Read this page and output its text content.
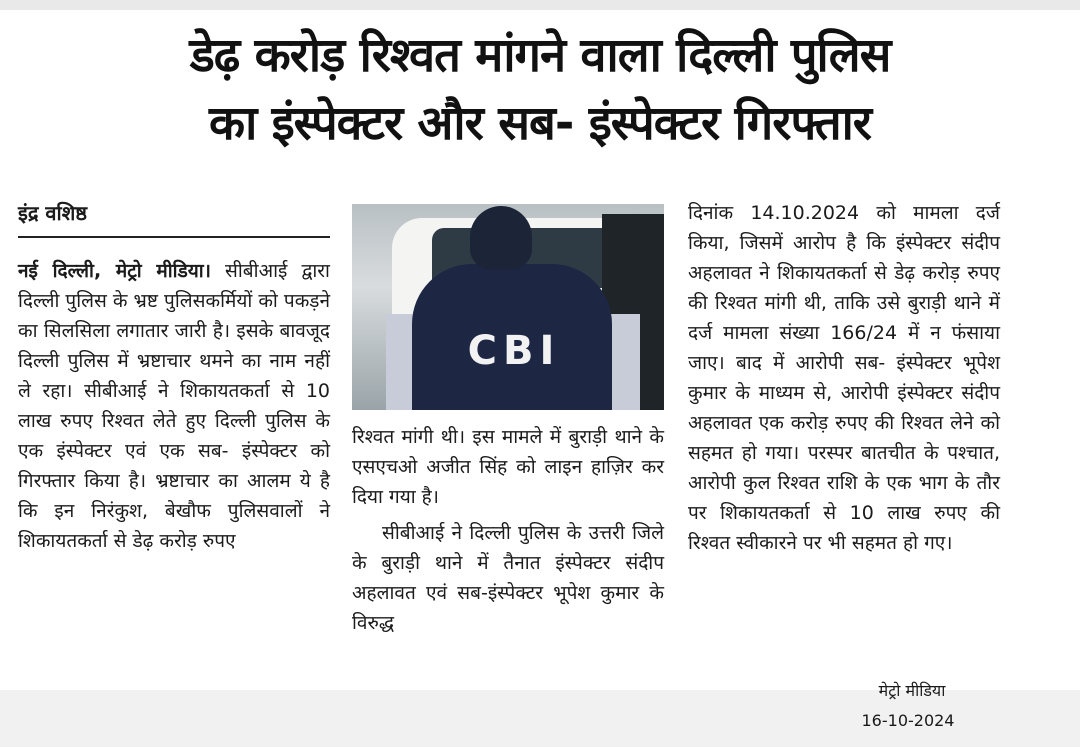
डेढ़ करोड़ रिश्वत मांगने वाला दिल्ली पुलिस
का इंस्पेक्टर और सब- इंस्पेक्टर गिरफ्तार
इंद्र वशिष्ठ

नई दिल्ली, मेट्रो मीडिया। सीबीआई द्वारा दिल्ली पुलिस के भ्रष्ट पुलिसकर्मियों को पकड़ने का सिलसिला लगातार जारी है। इसके बावजूद दिल्ली पुलिस में भ्रष्टाचार थमने का नाम नहीं ले रहा। सीबीआई ने शिकायतकर्ता से 10 लाख रुपए रिश्वत लेते हुए दिल्ली पुलिस के एक इंस्पेक्टर एवं एक सब- इंस्पेक्टर को गिरफ्तार किया है। भ्रष्टाचार का आलम ये है कि इन निरंकुश, बेखौफ पुलिसवालों ने शिकायतकर्ता से डेढ़ करोड़ रुपए

CBI

रिश्वत मांगी थी। इस मामले में बुराड़ी थाने के एसएचओ अजीत सिंह को लाइन हाज़िर कर दिया गया है।

सीबीआई ने दिल्ली पुलिस के उत्तरी जिले के बुराड़ी थाने में तैनात इंस्पेक्टर संदीप अहलावत एवं सब-इंस्पेक्टर भूपेश कुमार के विरुद्ध

दिनांक 14.10.2024 को मामला दर्ज किया, जिसमें आरोप है कि इंस्पेक्टर संदीप अहलावत ने शिकायतकर्ता से डेढ़ करोड़ रुपए की रिश्वत मांगी थी, ताकि उसे बुराड़ी थाने में दर्ज मामला संख्या 166/24 में न फंसाया जाए। बाद में आरोपी सब- इंस्पेक्टर भूपेश कुमार के माध्यम से, आरोपी इंस्पेक्टर संदीप अहलावत एक करोड़ रुपए की रिश्वत लेने को सहमत हो गया। परस्पर बातचीत के पश्चात, आरोपी कुल रिश्वत राशि के एक भाग के तौर पर शिकायतकर्ता से 10 लाख रुपए की रिश्वत स्वीकारने पर भी सहमत हो गए।

मेट्रो मीडिया
16-10-2024
